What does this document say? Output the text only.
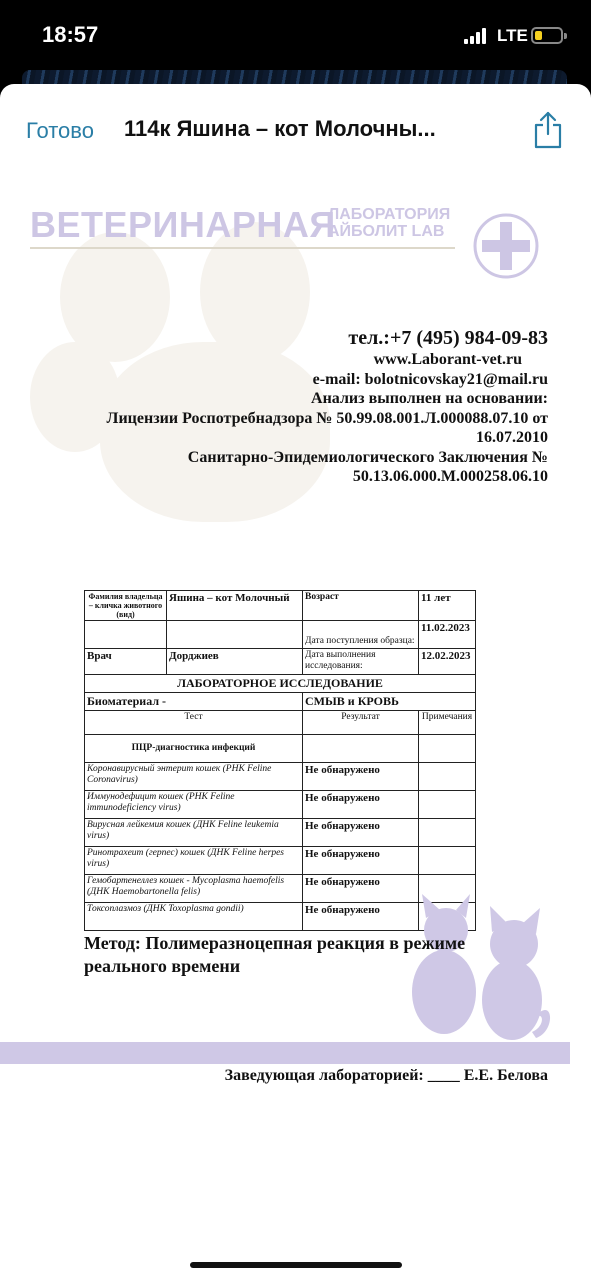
18:57	LTE
Готово 114к Яшина – кот Молочны...
ВЕТЕРИНАРНАЯ
ЛАБОРАТОРИЯ
АЙБОЛИТ LAB
тел.:+7 (495) 984-09-83
www.Laborant-vet.ru
e-mail: bolotnicovskay21@mail.ru
Анализ выполнен на основании:
Лицензии Роспотребнадзора № 50.99.08.001.Л.000088.07.10 от
16.07.2010
Санитарно-Эпидемиологического Заключения №
50.13.06.000.М.000258.06.10
Фамилия владельца – кличка животного (вид)	Яшина – кот Молочный	Возраст	11 лет
		Дата поступления образца:	11.02.2023
Врач	Дорджиев	Дата выполнения исследования:	12.02.2023
ЛАБОРАТОРНОЕ ИССЛЕДОВАНИЕ			
Биоматериал -		СМЫВ и КРОВЬ	
Тест		Результат	Примечания
ПЦР-диагностика инфекций			
Коронавирусный энтерит кошек (РНК Feline Coronavirus)		Не обнаружено	
Иммунодефицит кошек (РНК Feline immunodeficiency virus)		Не обнаружено	
Вирусная лейкемия кошек (ДНК Feline leukemia virus)		Не обнаружено	
Ринотрахеит (герпес) кошек (ДНК Feline herpes virus)		Не обнаружено	
Гемобартенеллез кошек - Mycoplasma haemofelis (ДНК Haemobartonella felis)		Не обнаружено	
Токсоплазмоз (ДНК Toxoplasma gondii)		Не обнаружено	
Метод: Полимеразноцепная реакция в режиме реального времени
Заведующая лабораторией: ____ Е.Е. Белова
